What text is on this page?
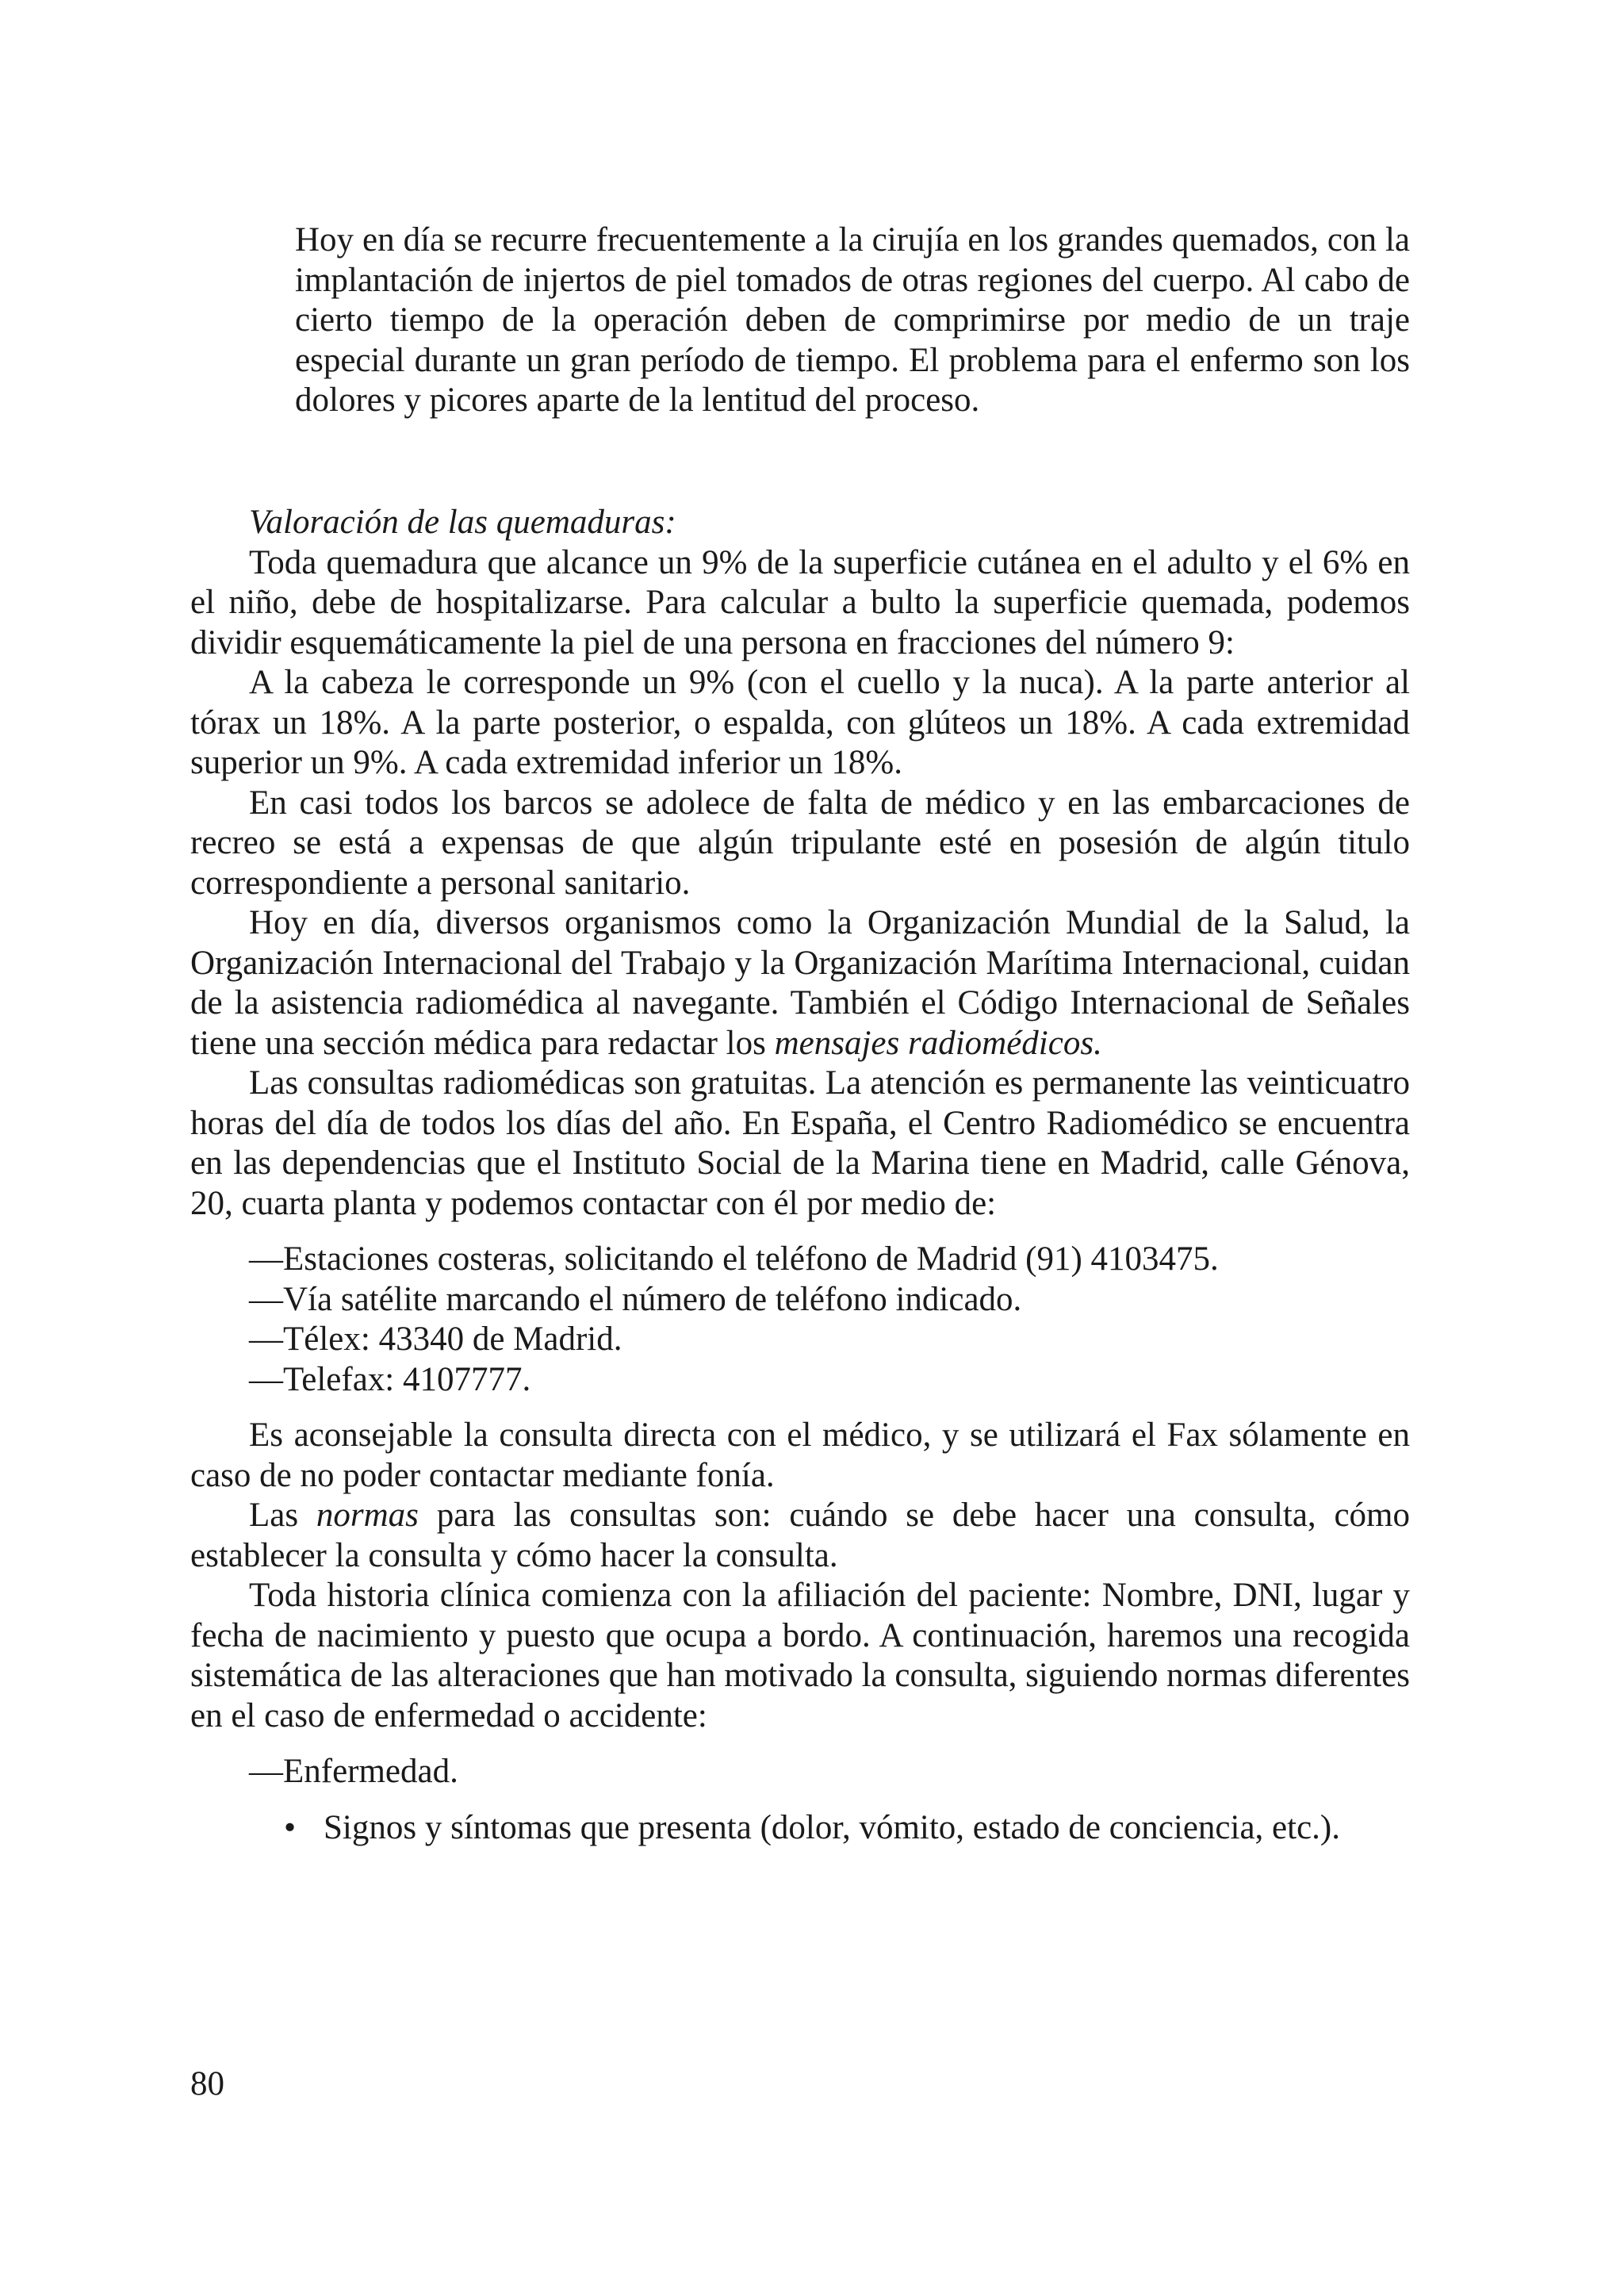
Hoy en día se recurre frecuentemente a la cirujía en los grandes quemados, con la implantación de injertos de piel tomados de otras regiones del cuerpo. Al cabo de cierto tiempo de la operación deben de comprimirse por medio de un traje especial durante un gran período de tiempo. El problema para el enfermo son los dolores y picores aparte de la lentitud del proceso.

Valoración de las quemaduras:

Toda quemadura que alcance un 9% de la superficie cutánea en el adulto y el 6% en el niño, debe de hospitalizarse. Para calcular a bulto la superficie quemada, podemos dividir esquemáticamente la piel de una persona en fracciones del número 9:

A la cabeza le corresponde un 9% (con el cuello y la nuca). A la parte anterior al tórax un 18%. A la parte posterior, o espalda, con glúteos un 18%. A cada extremidad superior un 9%. A cada extremidad inferior un 18%.

En casi todos los barcos se adolece de falta de médico y en las embarcaciones de recreo se está a expensas de que algún tripulante esté en posesión de algún titulo correspondiente a personal sanitario.

Hoy en día, diversos organismos como la Organización Mundial de la Salud, la Organización Internacional del Trabajo y la Organización Marítima Internacional, cuidan de la asistencia radiomédica al navegante. También el Código Internacional de Señales tiene una sección médica para redactar los mensajes radiomédicos.

Las consultas radiomédicas son gratuitas. La atención es permanente las veinticuatro horas del día de todos los días del año. En España, el Centro Radiomédico se encuentra en las dependencias que el Instituto Social de la Marina tiene en Madrid, calle Génova, 20, cuarta planta y podemos contactar con él por medio de:

—Estaciones costeras, solicitando el teléfono de Madrid (91) 4103475.
—Vía satélite marcando el número de teléfono indicado.
—Télex: 43340 de Madrid.
—Telefax: 4107777.

Es aconsejable la consulta directa con el médico, y se utilizará el Fax sólamente en caso de no poder contactar mediante fonía.

Las normas para las consultas son: cuándo se debe hacer una consulta, cómo establecer la consulta y cómo hacer la consulta.

Toda historia clínica comienza con la afiliación del paciente: Nombre, DNI, lugar y fecha de nacimiento y puesto que ocupa a bordo. A continuación, haremos una recogida sistemática de las alteraciones que han motivado la consulta, siguiendo normas diferentes en el caso de enfermedad o accidente:

—Enfermedad.
• Signos y síntomas que presenta (dolor, vómito, estado de conciencia, etc.).
80
